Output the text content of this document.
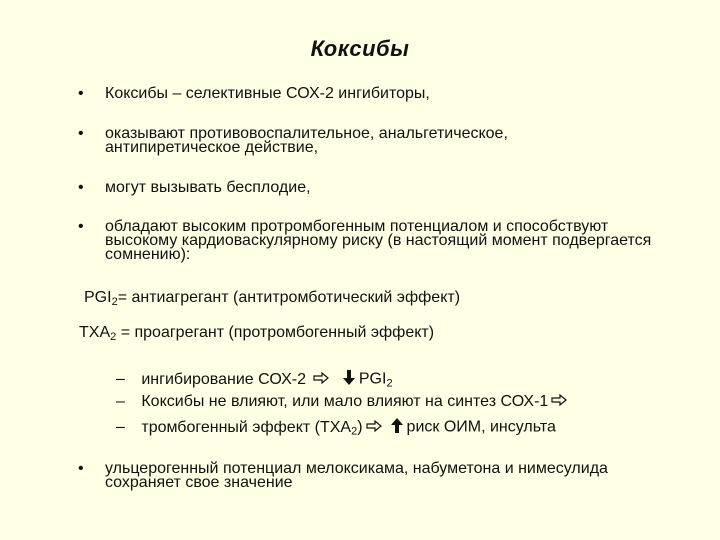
Коксибы
• Коксибы – селективные СОХ-2 ингибиторы,
• оказывают противовоспалительное, анальгетическое, антипиретическое действие,
• могут вызывать бесплодие,
• обладают высоким протромбогенным потенциалом и способствуют высокому кардиоваскулярному риску (в настоящий момент подвергается сомнению):
$PGI_2=$ антиагрегант (антитромботический эффект)
$ТХА_2$ = проагрегант (протромбогенный эффект)
– ингибирование СОХ-2	$PGI_2$
– Коксибы не влияют, или мало влияют на синтез СОХ-1
– тромбогенный эффект $(ТХА_2)$	риск ОИМ, инсульта
• ульцерогенный потенциал мелоксикама, набуметона и нимесулида сохраняет свое значение
